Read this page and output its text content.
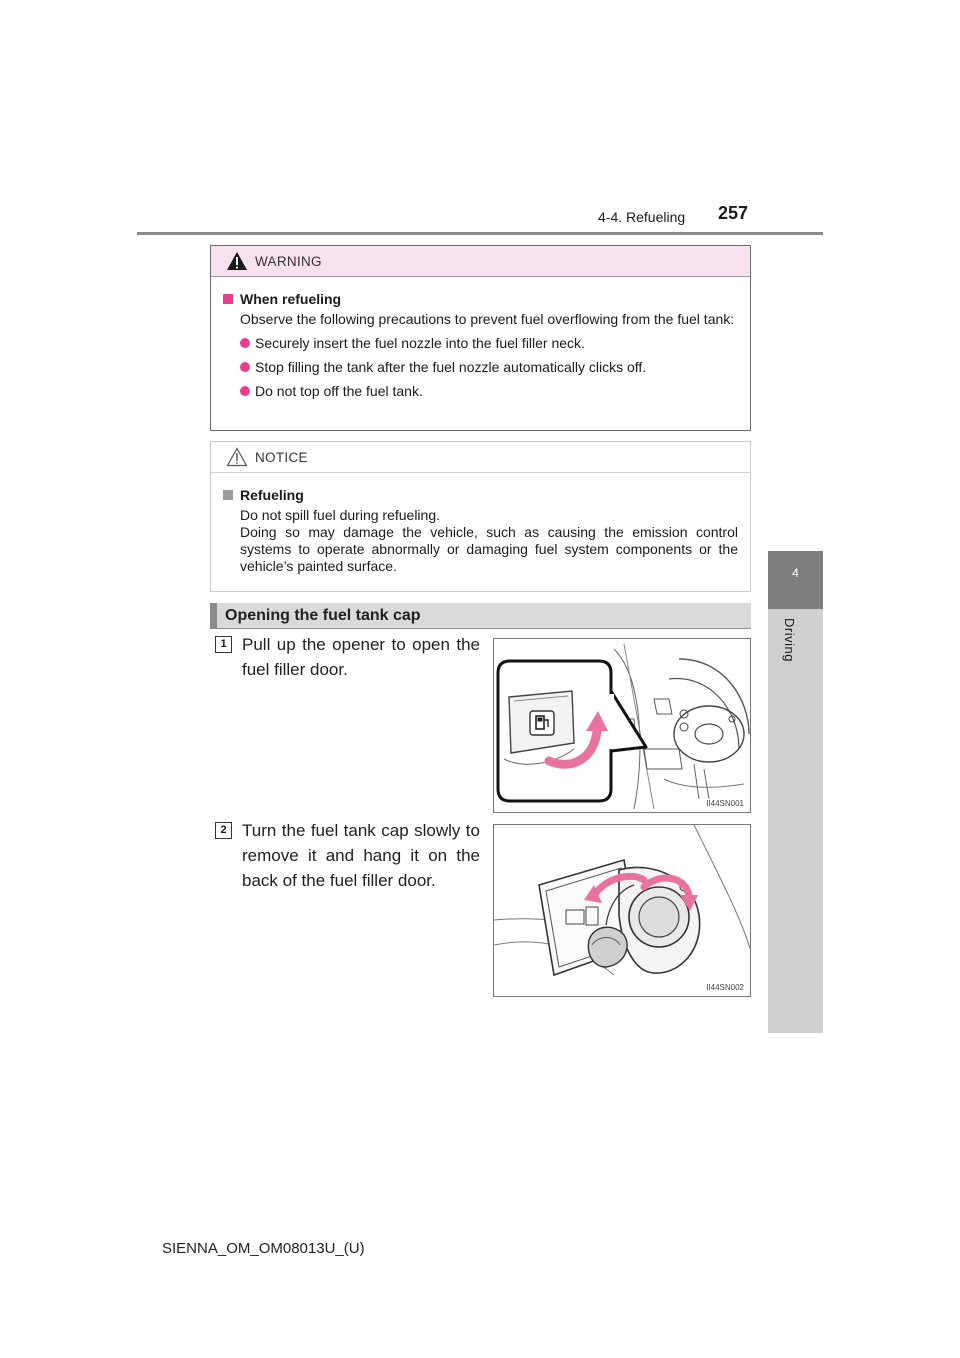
4-4. Refueling 257
4
Driving
WARNING
When refueling
Observe the following precautions to prevent fuel overflowing from the fuel tank:
Securely insert the fuel nozzle into the fuel filler neck.
Stop filling the tank after the fuel nozzle automatically clicks off.
Do not top off the fuel tank.
NOTICE
Refueling
Do not spill fuel during refueling.
Doing so may damage the vehicle, such as causing the emission control systems to operate abnormally or damaging fuel system components or the vehicle’s painted surface.
Opening the fuel tank cap
1 Pull up the opener to open the fuel filler door.
II44SN001
2 Turn the fuel tank cap slowly to remove it and hang it on the back of the fuel filler door.
II44SN002
SIENNA_OM_OM08013U_(U)
